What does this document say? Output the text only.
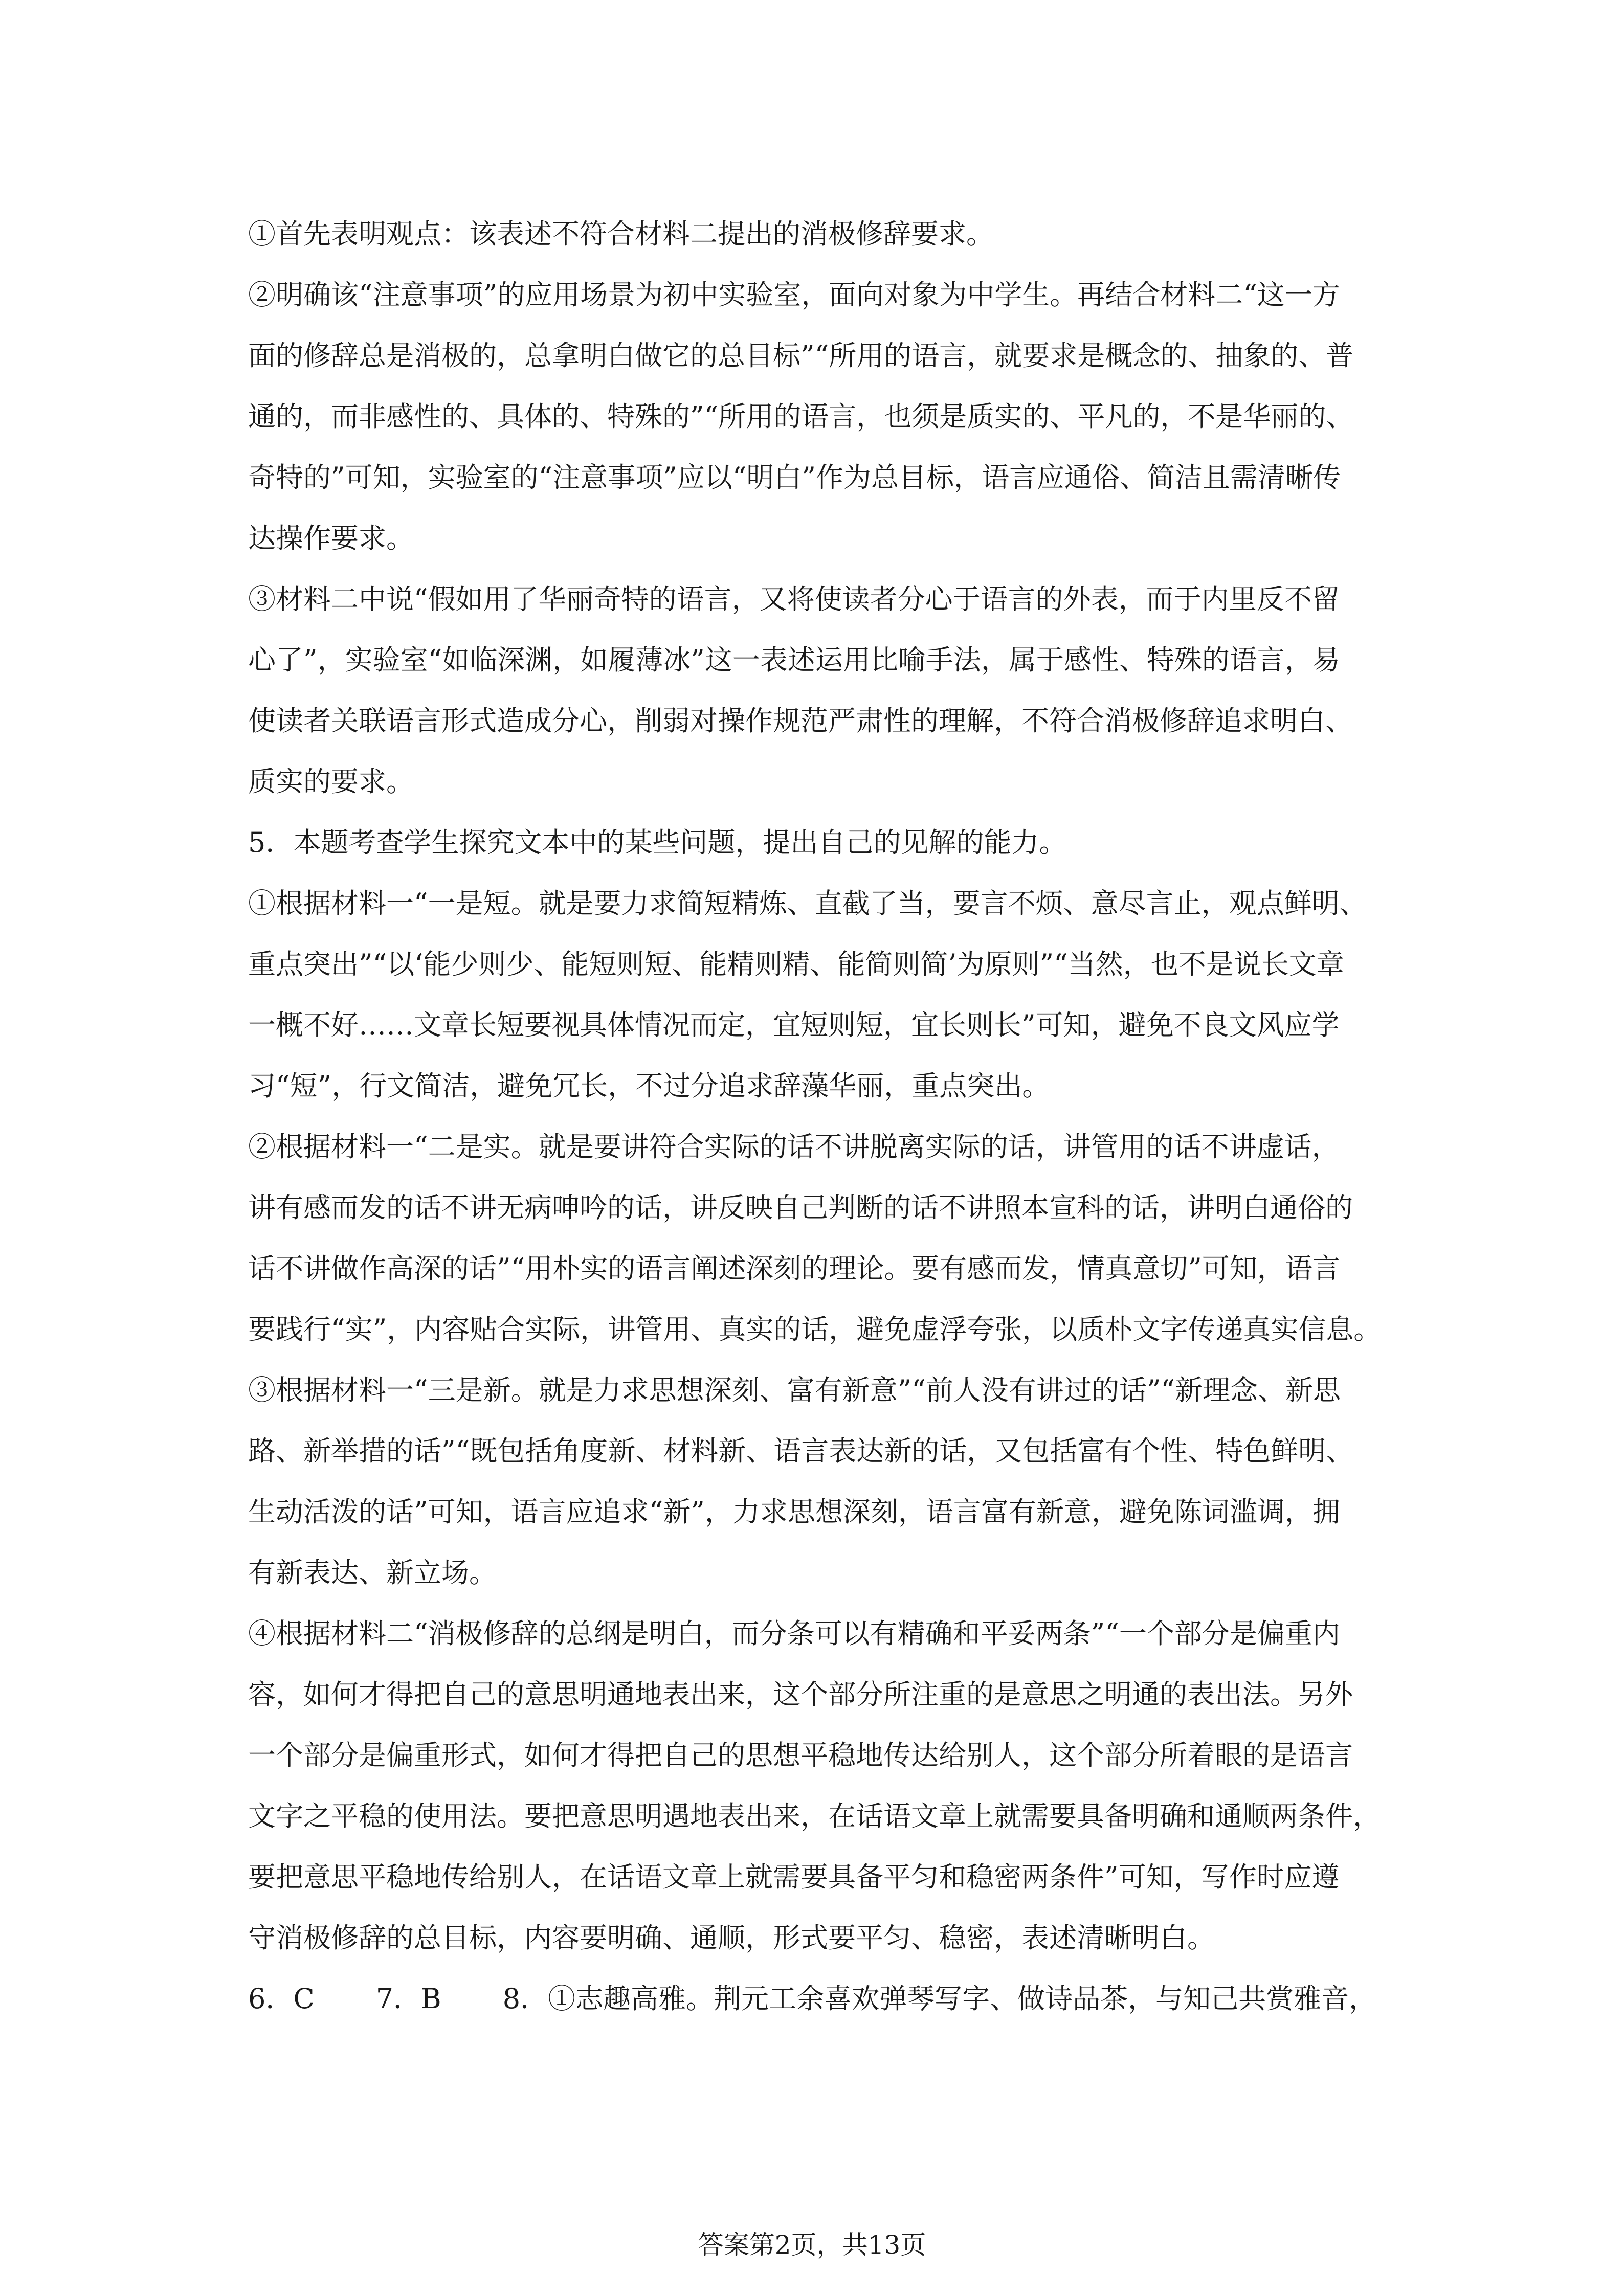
①首先表明观点：该表述不符合材料二提出的消极修辞要求。
②明确该“注意事项”的应用场景为初中实验室，面向对象为中学生。再结合材料二“这一方
面的修辞总是消极的，总拿明白做它的总目标”“所用的语言，就要求是概念的、抽象的、普
通的，而非感性的、具体的、特殊的”“所用的语言，也须是质实的、平凡的，不是华丽的、
奇特的”可知，实验室的“注意事项”应以“明白”作为总目标，语言应通俗、简洁且需清晰传
达操作要求。
③材料二中说“假如用了华丽奇特的语言，又将使读者分心于语言的外表，而于内里反不留
心了”，实验室“如临深渊，如履薄冰”这一表述运用比喻手法，属于感性、特殊的语言，易
使读者关联语言形式造成分心，削弱对操作规范严肃性的理解，不符合消极修辞追求明白、
质实的要求。
5．本题考查学生探究文本中的某些问题，提出自己的见解的能力。
①根据材料一“一是短。就是要力求简短精炼、直截了当，要言不烦、意尽言止，观点鲜明、
重点突出”“以‘能少则少、能短则短、能精则精、能简则简’为原则”“当然，也不是说长文章
一概不好……文章长短要视具体情况而定，宜短则短，宜长则长”可知，避免不良文风应学
习“短”，行文简洁，避免冗长，不过分追求辞藻华丽，重点突出。
②根据材料一“二是实。就是要讲符合实际的话不讲脱离实际的话，讲管用的话不讲虚话，
讲有感而发的话不讲无病呻吟的话，讲反映自己判断的话不讲照本宣科的话，讲明白通俗的
话不讲做作高深的话”“用朴实的语言阐述深刻的理论。要有感而发，情真意切”可知，语言
要践行“实”，内容贴合实际，讲管用、真实的话，避免虚浮夸张，以质朴文字传递真实信息。
③根据材料一“三是新。就是力求思想深刻、富有新意”“前人没有讲过的话”“新理念、新思
路、新举措的话”“既包括角度新、材料新、语言表达新的话，又包括富有个性、特色鲜明、
生动活泼的话”可知，语言应追求“新”，力求思想深刻，语言富有新意，避免陈词滥调，拥
有新表达、新立场。
④根据材料二“消极修辞的总纲是明白，而分条可以有精确和平妥两条”“一个部分是偏重内
容，如何才得把自己的意思明通地表出来，这个部分所注重的是意思之明通的表出法。另外
一个部分是偏重形式，如何才得把自己的思想平稳地传达给别人，这个部分所着眼的是语言
文字之平稳的使用法。要把意思明遇地表出来，在话语文章上就需要具备明确和通顺两条件，
要把意思平稳地传给别人，在话语文章上就需要具备平匀和稳密两条件”可知，写作时应遵
守消极修辞的总目标，内容要明确、通顺，形式要平匀、稳密，表述清晰明白。
6．C 7．B 8．①志趣高雅。荆元工余喜欢弹琴写字、做诗品茶，与知己共赏雅音，
答案第2页，共13页
